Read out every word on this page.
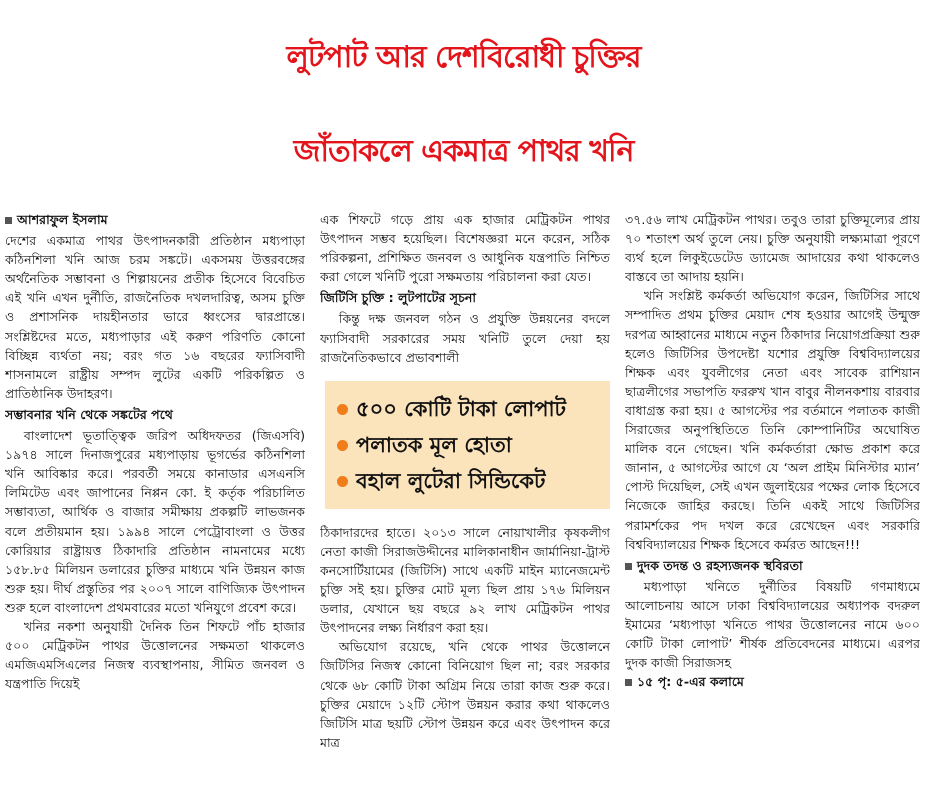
লুটপাট আর দেশবিরোধী চুক্তির
জাঁতাকলে একমাত্র পাথর খনি
আশরাফুল ইসলাম

দেশের একমাত্র পাথর উৎপাদনকারী প্রতিষ্ঠান মধ্যপাড়া কঠিনশিলা খনি আজ চরম সঙ্কটে। একসময় উত্তরবঙ্গের অর্থনৈতিক সম্ভাবনা ও শিল্পায়নের প্রতীক হিসেবে বিবেচিত এই খনি এখন দুর্নীতি, রাজনৈতিক দখলদারিত্ব, অসম চুক্তি ও প্রশাসনিক দায়হীনতার ভারে ধ্বংসের দ্বারপ্রান্তে। সংশ্লিষ্টদের মতে, মধ্যপাড়ার এই করুণ পরিণতি কোনো বিচ্ছিন্ন ব্যর্থতা নয়; বরং গত ১৬ বছরের ফ্যাসিবাদী শাসনামলে রাষ্ট্রীয় সম্পদ লুটের একটি পরিকল্পিত ও প্রাতিষ্ঠানিক উদাহরণ।

সম্ভাবনার খনি থেকে সঙ্কটের পথে

বাংলাদেশ ভূতাত্ত্বিক জরিপ অধিদফতর (জিএসবি) ১৯৭৪ সালে দিনাজপুরের মধ্যপাড়ায় ভূগর্ভের কঠিনশিলা খনি আবিষ্কার করে। পরবর্তী সময়ে কানাডার এসএনসি লিমিটেড এবং জাপানের নিপ্পন কো. ই কর্তৃক পরিচালিত সম্ভাব্যতা, আর্থিক ও বাজার সমীক্ষায় প্রকল্পটি লাভজনক বলে প্রতীয়মান হয়। ১৯৯৪ সালে পেট্রোবাংলা ও উত্তর কোরিয়ার রাষ্ট্রায়ত্ত ঠিকাদারি প্রতিষ্ঠান নামনামের মধ্যে ১৫৮.৮৫ মিলিয়ন ডলারের চুক্তির মাধ্যমে খনি উন্নয়ন কাজ শুরু হয়। দীর্ঘ প্রস্তুতির পর ২০০৭ সালে বাণিজ্যিক উৎপাদন শুরু হলে বাংলাদেশ প্রথমবারের মতো খনিযুগে প্রবেশ করে।

খনির নকশা অনুযায়ী দৈনিক তিন শিফটে পাঁচ হাজার ৫০০ মেট্রিকটন পাথর উত্তোলনের সক্ষমতা থাকলেও এমজিএমসিএলের নিজস্ব ব্যবস্থাপনায়, সীমিত জনবল ও যন্ত্রপাতি দিয়েই

এক শিফটে গড়ে প্রায় এক হাজার মেট্রিকটন পাথর উৎপাদন সম্ভব হয়েছিল। বিশেষজ্ঞরা মনে করেন, সঠিক পরিকল্পনা, প্রশিক্ষিত জনবল ও আধুনিক যন্ত্রপাতি নিশ্চিত করা গেলে খনিটি পুরো সক্ষমতায় পরিচালনা করা যেত।

জিটিসি চুক্তি : লুটপাটের সূচনা

কিন্তু দক্ষ জনবল গঠন ও প্রযুক্তি উন্নয়নের বদলে ফ্যাসিবাদী সরকারের সময় খনিটি তুলে দেয়া হয় রাজনৈতিকভাবে প্রভাবশালী

৫০০ কোটি টাকা লোপাট
পলাতক মূল হোতা
বহাল লুটেরা সিন্ডিকেট

ঠিকাদারদের হাতে। ২০১৩ সালে নোয়াখালীর কৃষকলীগ নেতা কাজী সিরাজউদ্দীনের মালিকানাধীন জার্মানিয়া-ট্রাস্ট কনসোর্টিয়ামের (জিটিসি) সাথে একটি মাইন ম্যানেজমেন্ট চুক্তি সই হয়। চুক্তির মোট মূল্য ছিল প্রায় ১৭৬ মিলিয়ন ডলার, যেখানে ছয় বছরে ৯২ লাখ মেট্রিকটন পাথর উৎপাদনের লক্ষ্য নির্ধারণ করা হয়।

অভিযোগ রয়েছে, খনি থেকে পাথর উত্তোলনে জিটিসির নিজস্ব কোনো বিনিয়োগ ছিল না; বরং সরকার থেকে ৬৮ কোটি টাকা অগ্রিম নিয়ে তারা কাজ শুরু করে। চুক্তির মেয়াদে ১২টি স্টোপ উন্নয়ন করার কথা থাকলেও জিটিসি মাত্র ছয়টি স্টোপ উন্নয়ন করে এবং উৎপাদন করে মাত্র

৩৭.৫৬ লাখ মেট্রিকটন পাথর। তবুও তারা চুক্তিমূল্যের প্রায় ৭০ শতাংশ অর্থ তুলে নেয়। চুক্তি অনুযায়ী লক্ষ্যমাত্রা পূরণে ব্যর্থ হলে লিকুইডেটেড ড্যামেজ আদায়ের কথা থাকলেও বাস্তবে তা আদায় হয়নি।

খনি সংশ্লিষ্ট কর্মকর্তা অভিযোগ করেন, জিটিসির সাথে সম্পাদিত প্রথম চুক্তির মেয়াদ শেষ হওয়ার আগেই উন্মুক্ত দরপত্র আহ্বানের মাধ্যমে নতুন ঠিকাদার নিয়োগপ্রক্রিয়া শুরু হলেও জিটিসির উপদেষ্টা যশোর প্রযুক্তি বিশ্ববিদ্যালয়ের শিক্ষক এবং যুবলীগের নেতা এবং সাবেক রাশিয়ান ছাত্রলীগের সভাপতি ফররুখ খান বাবুর নীলনকশায় বারবার বাধাগ্রস্ত করা হয়। ৫ আগস্টের পর বর্তমানে পলাতক কাজী সিরাজের অনুপস্থিতিতে তিনি কোম্পানিটির অঘোষিত মালিক বনে গেছেন। খনি কর্মকর্তারা ক্ষোভ প্রকাশ করে জানান, ৫ আগস্টের আগে যে ‘অল প্রাইম মিনিস্টার ম্যান’ পোস্ট দিয়েছিল, সেই এখন জুলাইয়ের পক্ষের লোক হিসেবে নিজেকে জাহির করছে। তিনি একই সাথে জিটিসির পরামর্শকের পদ দখল করে রেখেছেন এবং সরকারি বিশ্ববিদ্যালয়ের শিক্ষক হিসেবে কর্মরত আছেন!!!

দুদক তদন্ত ও রহস্যজনক স্থবিরতা

মধ্যপাড়া খনিতে দুর্নীতির বিষয়টি গণমাধ্যমে আলোচনায় আসে ঢাকা বিশ্ববিদ্যালয়ের অধ্যাপক বদরুল ইমামের ‘মধ্যপাড়া খনিতে পাথর উত্তোলনের নামে ৬০০ কোটি টাকা লোপাট’ শীর্ষক প্রতিবেদনের মাধ্যমে। এরপর দুদক কাজী সিরাজসহ

১৫ পৃ: ৫-এর কলামে
